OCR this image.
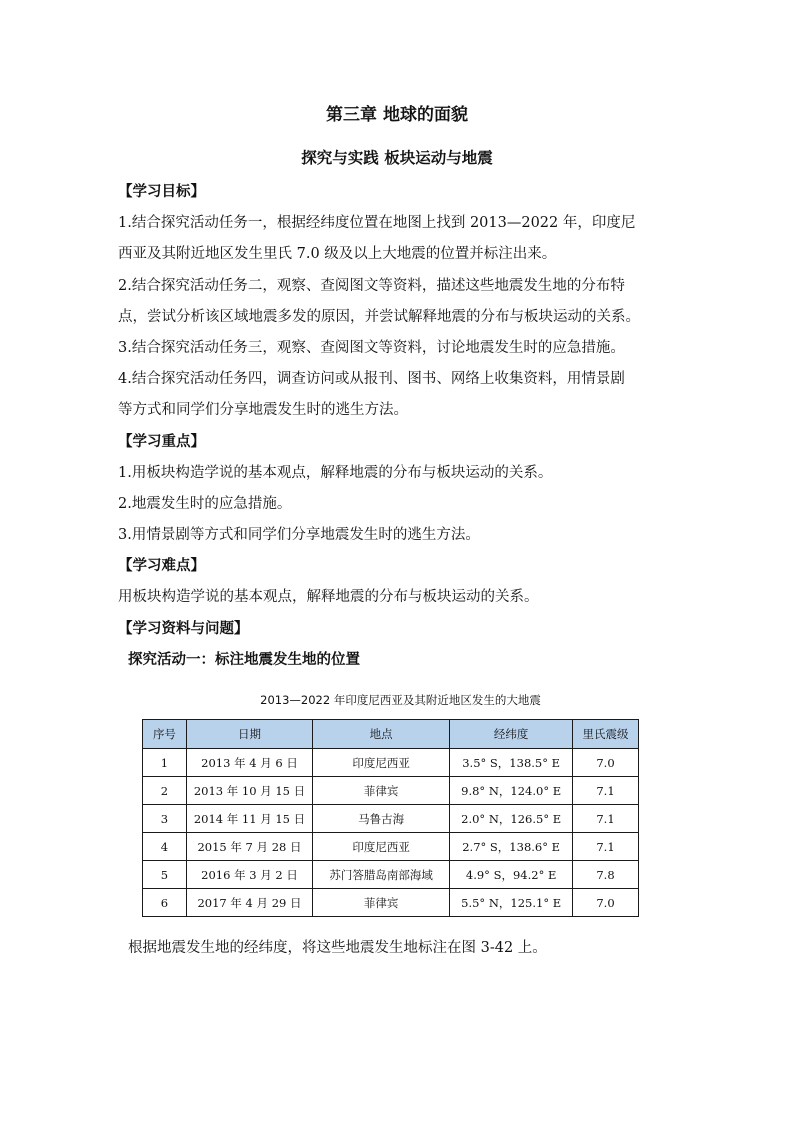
第三章 地球的面貌
探究与实践 板块运动与地震
【学习目标】
1.结合探究活动任务一，根据经纬度位置在地图上找到 2013—2022 年，印度尼
西亚及其附近地区发生里氏 7.0 级及以上大地震的位置并标注出来。
2.结合探究活动任务二，观察、查阅图文等资料，描述这些地震发生地的分布特
点，尝试分析该区域地震多发的原因，并尝试解释地震的分布与板块运动的关系。
3.结合探究活动任务三，观察、查阅图文等资料，讨论地震发生时的应急措施。
4.结合探究活动任务四，调查访问或从报刊、图书、网络上收集资料，用情景剧
等方式和同学们分享地震发生时的逃生方法。
【学习重点】
1.用板块构造学说的基本观点，解释地震的分布与板块运动的关系。
2.地震发生时的应急措施。
3.用情景剧等方式和同学们分享地震发生时的逃生方法。
【学习难点】
用板块构造学说的基本观点，解释地震的分布与板块运动的关系。
【学习资料与问题】
探究活动一：标注地震发生地的位置
2013—2022 年印度尼西亚及其附近地区发生的大地震
序号	日期	地点	经纬度	里氏震级
1	2013 年 4 月 6 日	印度尼西亚	3.5° S，138.5° E	7.0
2	2013 年 10 月 15 日	菲律宾	9.8° N，124.0° E	7.1
3	2014 年 11 月 15 日	马鲁古海	2.0° N，126.5° E	7.1
4	2015 年 7 月 28 日	印度尼西亚	2.7° S，138.6° E	7.1
5	2016 年 3 月 2 日	苏门答腊岛南部海域	4.9° S，94.2° E	7.8
6	2017 年 4 月 29 日	菲律宾	5.5° N，125.1° E	7.0
根据地震发生地的经纬度，将这些地震发生地标注在图 3-42 上。
